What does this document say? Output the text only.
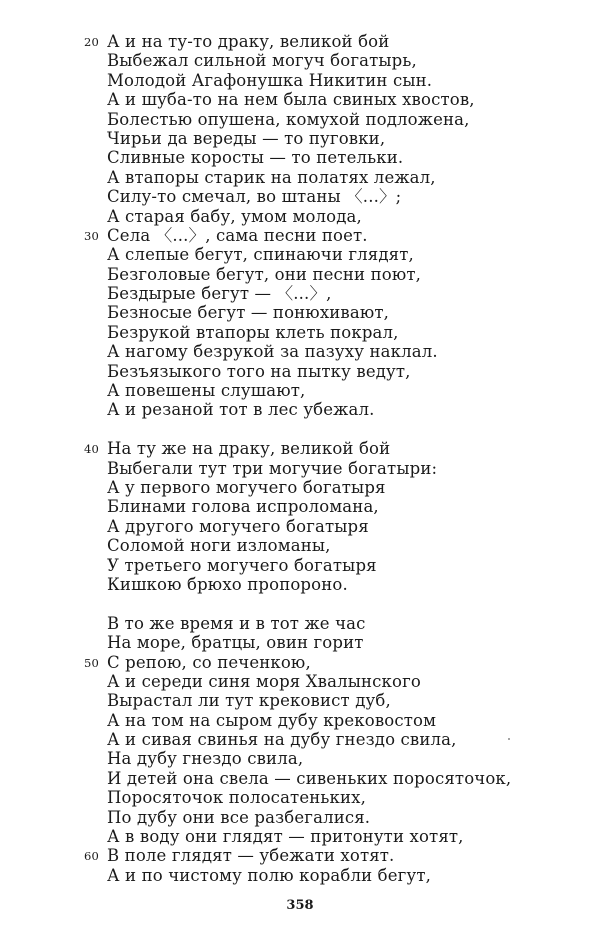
20 А и на ту-то драку, великой бой
Выбежал сильной могуч богатырь,
Молодой Агафонушка Никитин сын.
А и шуба-то на нем была свиных хвостов,
Болестью опушена, комухой подложена,
Чирьи да вереды — то пуговки,
Сливные коросты — то петельки.
А втапоры старик на полатях лежал,
Силу-то смечал, во штаны 〈...〉;
А старая бабу, умом молода,
30 Села 〈...〉, сама песни поет.
А слепые бегут, спинаючи глядят,
Безголовые бегут, они песни поют,
Бездырые бегут — 〈...〉,
Безносые бегут — понюхивают,
Безрукой втапоры клеть покрал,
А нагому безрукой за пазуху наклал.
Безъязыкого того на пытку ведут,
А повешены слушают,
А и резаной тот в лес убежал.
40 На ту же на драку, великой бой
Выбегали тут три могучие богатыри:
А у первого могучего богатыря
Блинами голова испроломана,
А другого могучего богатыря
Соломой ноги изломаны,
У третьего могучего богатыря
Кишкою брюхо пропороно.
В то же время и в тот же час
На море, братцы, овин горит
50 С репою, со печенкою,
А и середи синя моря Хвалынского
Вырастал ли тут крековист дуб,
А на том на сыром дубу крековостом
А и сивая свинья на дубу гнездо свила,
На дубу гнездо свила,
И детей она свела — сивеньких поросяточок,
Поросяточок полосатеньких,
По дубу они все разбегалися.
А в воду они глядят — притонути хотят,
60 В поле глядят — убежати хотят.
А и по чистому полю корабли бегут,
358
